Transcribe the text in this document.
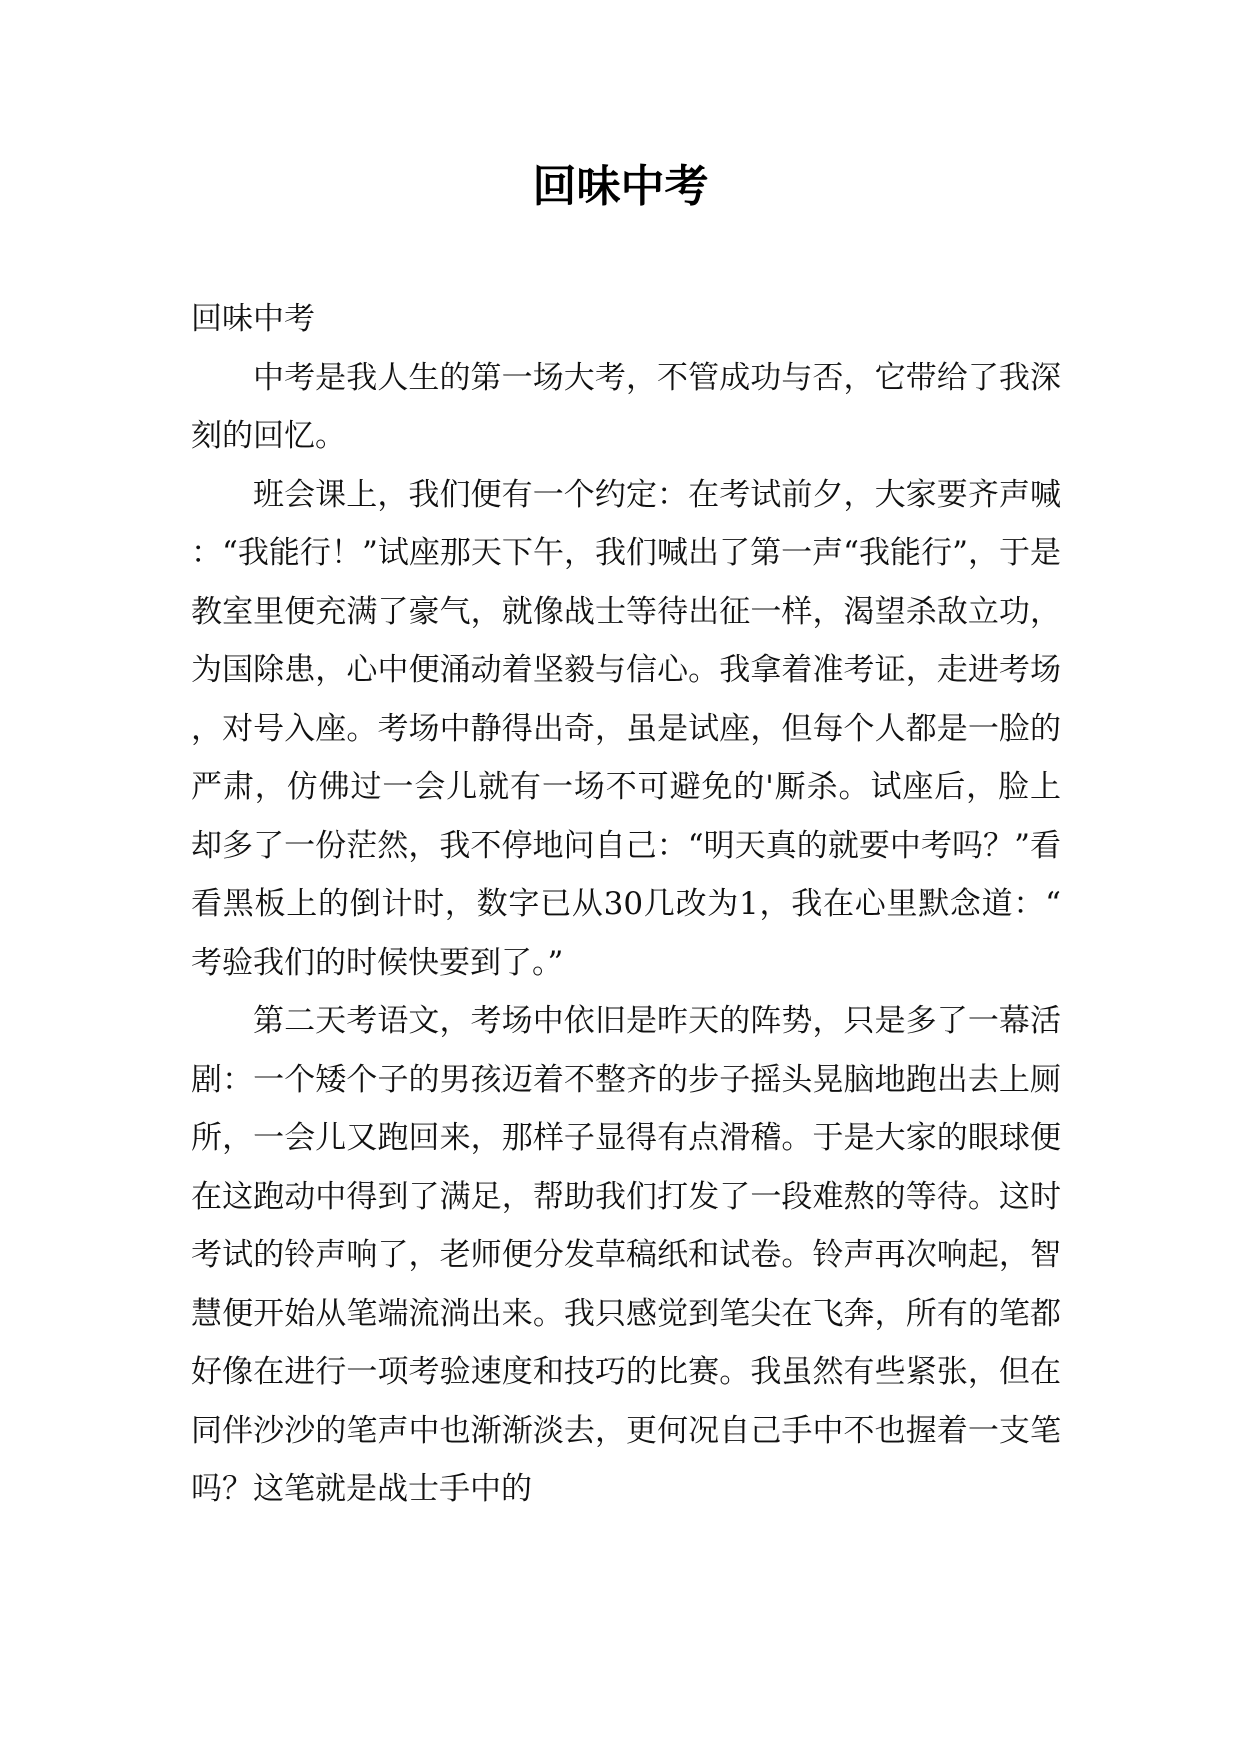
回味中考

回味中考

中考是我人生的第一场大考，不管成功与否，它带给了我深刻的回忆。

班会课上，我们便有一个约定：在考试前夕，大家要齐声喊：“我能行！”试座那天下午，我们喊出了第一声“我能行”，于是教室里便充满了豪气，就像战士等待出征一样，渴望杀敌立功，为国除患，心中便涌动着坚毅与信心。我拿着准考证，走进考场，对号入座。考场中静得出奇，虽是试座，但每个人都是一脸的严肃，仿佛过一会儿就有一场不可避免的'厮杀。试座后，脸上却多了一份茫然，我不停地问自己：“明天真的就要中考吗？”看看黑板上的倒计时，数字已从30几改为1，我在心里默念道：“考验我们的时候快要到了。”

第二天考语文，考场中依旧是昨天的阵势，只是多了一幕活剧：一个矮个子的男孩迈着不整齐的步子摇头晃脑地跑出去上厕所，一会儿又跑回来，那样子显得有点滑稽。于是大家的眼球便在这跑动中得到了满足，帮助我们打发了一段难熬的等待。这时考试的铃声响了，老师便分发草稿纸和试卷。铃声再次响起，智慧便开始从笔端流淌出来。我只感觉到笔尖在飞奔，所有的笔都好像在进行一项考验速度和技巧的比赛。我虽然有些紧张，但在同伴沙沙的笔声中也渐渐淡去，更何况自己手中不也握着一支笔吗？这笔就是战士手中的
